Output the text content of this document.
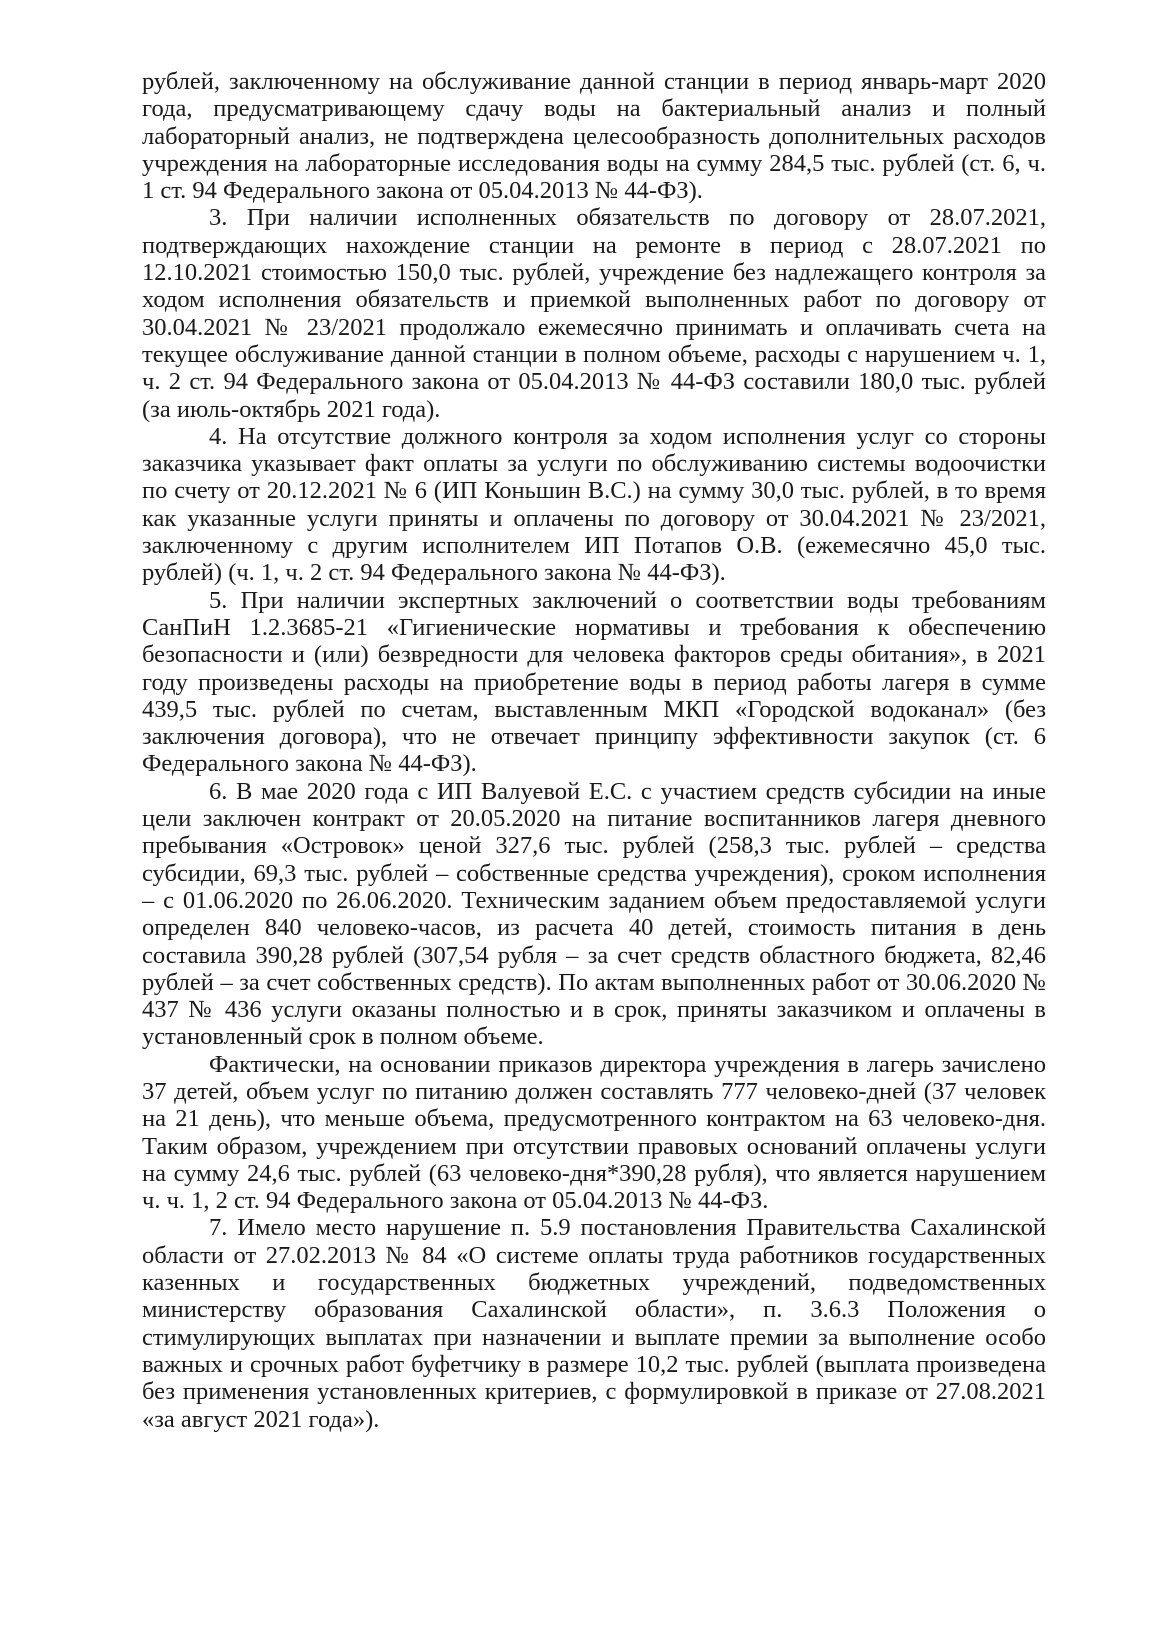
рублей, заключенному на обслуживание данной станции в период январь-март 2020 года, предусматривающему сдачу воды на бактериальный анализ и полный лабораторный анализ, не подтверждена целесообразность дополнительных расходов учреждения на лабораторные исследования воды на сумму 284,5 тыс. рублей (ст. 6, ч. 1 ст. 94 Федерального закона от 05.04.2013 № 44-ФЗ).

3. При наличии исполненных обязательств по договору от 28.07.2021, подтверждающих нахождение станции на ремонте в период с 28.07.2021 по 12.10.2021 стоимостью 150,0 тыс. рублей, учреждение без надлежащего контроля за ходом исполнения обязательств и приемкой выполненных работ по договору от 30.04.2021 № 23/2021 продолжало ежемесячно принимать и оплачивать счета на текущее обслуживание данной станции в полном объеме, расходы с нарушением ч. 1, ч. 2 ст. 94 Федерального закона от 05.04.2013 № 44-ФЗ составили 180,0 тыс. рублей (за июль-октябрь 2021 года).

4. На отсутствие должного контроля за ходом исполнения услуг со стороны заказчика указывает факт оплаты за услуги по обслуживанию системы водоочистки по счету от 20.12.2021 № 6 (ИП Коньшин В.С.) на сумму 30,0 тыс. рублей, в то время как указанные услуги приняты и оплачены по договору от 30.04.2021 № 23/2021, заключенному с другим исполнителем ИП Потапов О.В. (ежемесячно 45,0 тыс. рублей) (ч. 1, ч. 2 ст. 94 Федерального закона № 44-ФЗ).

5. При наличии экспертных заключений о соответствии воды требованиям СанПиН 1.2.3685-21 «Гигиенические нормативы и требования к обеспечению безопасности и (или) безвредности для человека факторов среды обитания», в 2021 году произведены расходы на приобретение воды в период работы лагеря в сумме 439,5 тыс. рублей по счетам, выставленным МКП «Городской водоканал» (без заключения договора), что не отвечает принципу эффективности закупок (ст. 6 Федерального закона № 44-ФЗ).

6. В мае 2020 года с ИП Валуевой Е.С. с участием средств субсидии на иные цели заключен контракт от 20.05.2020 на питание воспитанников лагеря дневного пребывания «Островок» ценой 327,6 тыс. рублей (258,3 тыс. рублей – средства субсидии, 69,3 тыс. рублей – собственные средства учреждения), сроком исполнения – с 01.06.2020 по 26.06.2020. Техническим заданием объем предоставляемой услуги определен 840 человеко-часов, из расчета 40 детей, стоимость питания в день составила 390,28 рублей (307,54 рубля – за счет средств областного бюджета, 82,46 рублей – за счет собственных средств). По актам выполненных работ от 30.06.2020 № 437 № 436 услуги оказаны полностью и в срок, приняты заказчиком и оплачены в установленный срок в полном объеме.

Фактически, на основании приказов директора учреждения в лагерь зачислено 37 детей, объем услуг по питанию должен составлять 777 человеко-дней (37 человек на 21 день), что меньше объема, предусмотренного контрактом на 63 человеко-дня. Таким образом, учреждением при отсутствии правовых оснований оплачены услуги на сумму 24,6 тыс. рублей (63 человеко-дня*390,28 рубля), что является нарушением ч. ч. 1, 2 ст. 94 Федерального закона от 05.04.2013 № 44-ФЗ.

7. Имело место нарушение п. 5.9 постановления Правительства Сахалинской области от 27.02.2013 № 84 «О системе оплаты труда работников государственных казенных и государственных бюджетных учреждений, подведомственных министерству образования Сахалинской области», п. 3.6.3 Положения о стимулирующих выплатах при назначении и выплате премии за выполнение особо важных и срочных работ буфетчику в размере 10,2 тыс. рублей (выплата произведена без применения установленных критериев, с формулировкой в приказе от 27.08.2021 «за август 2021 года»).
